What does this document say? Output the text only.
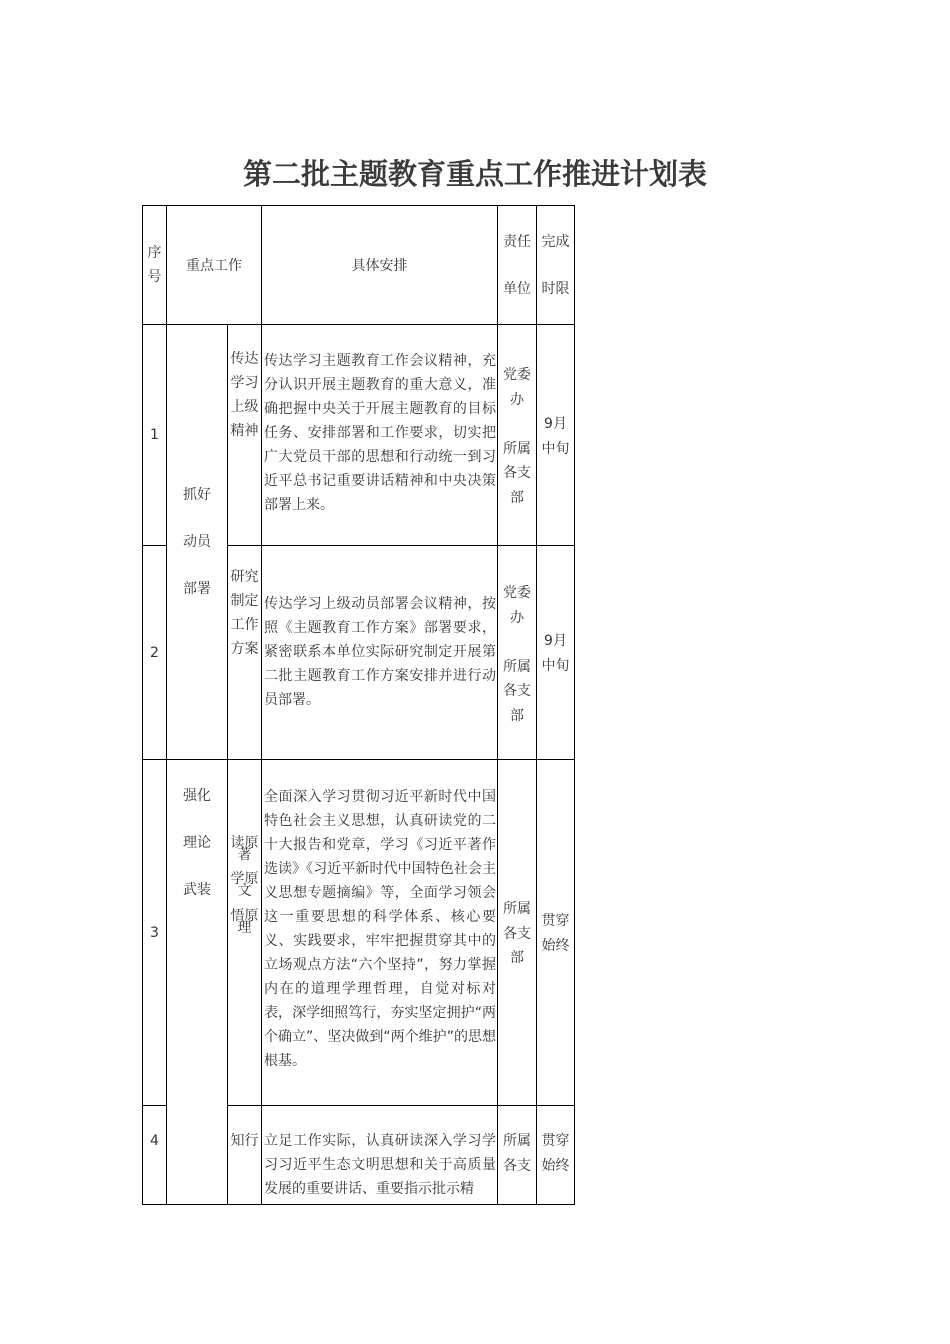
第二批主题教育重点工作推进计划表
序
号
重点工作	具体安排
责任

单位
完成

时限
抓好

动员

部署
强化

理论

武装
1
传达

学习

上级

精神
传达学习主题教育工作会议精神，充分认识开展主题教育的重大意义，准确把握中央关于开展主题教育的目标任务、安排部署和工作要求，切实把广大党员干部的思想和行动统一到习近平总书记重要讲话精神和中央决策部署上来。
党委
办

所属
各支
部
9月
中旬
2
研究

制定

工作

方案
传达学习上级动员部署会议精神，按照《主题教育工作方案》部署要求，紧密联系本单位实际研究制定开展第二批主题教育工作方案安排并进行动员部署。
党委
办

所属
各支
部
9月
中旬
3
读原
著

学原
文

悟原
理
全面深入学习贯彻习近平新时代中国特色社会主义思想，认真研读党的二十大报告和党章，学习《习近平著作选读》《习近平新时代中国特色社会主义思想专题摘编》等，全面学习领会这一重要思想的科学体系、核心要义、实践要求，牢牢把握贯穿其中的立场观点方法“六个坚持”，努力掌握内在的道理学理哲理，自觉对标对表，深学细照笃行，夯实坚定拥护“两个确立”、坚决做到“两个维护”的思想根基。
所属
各支
部
贯穿
始终
4	知行 立足工作实际，认真研读深入学习学习习近平生态文明思想和关于高质量发展的重要讲话、重要指示批示精
所属
各支
贯穿
始终
